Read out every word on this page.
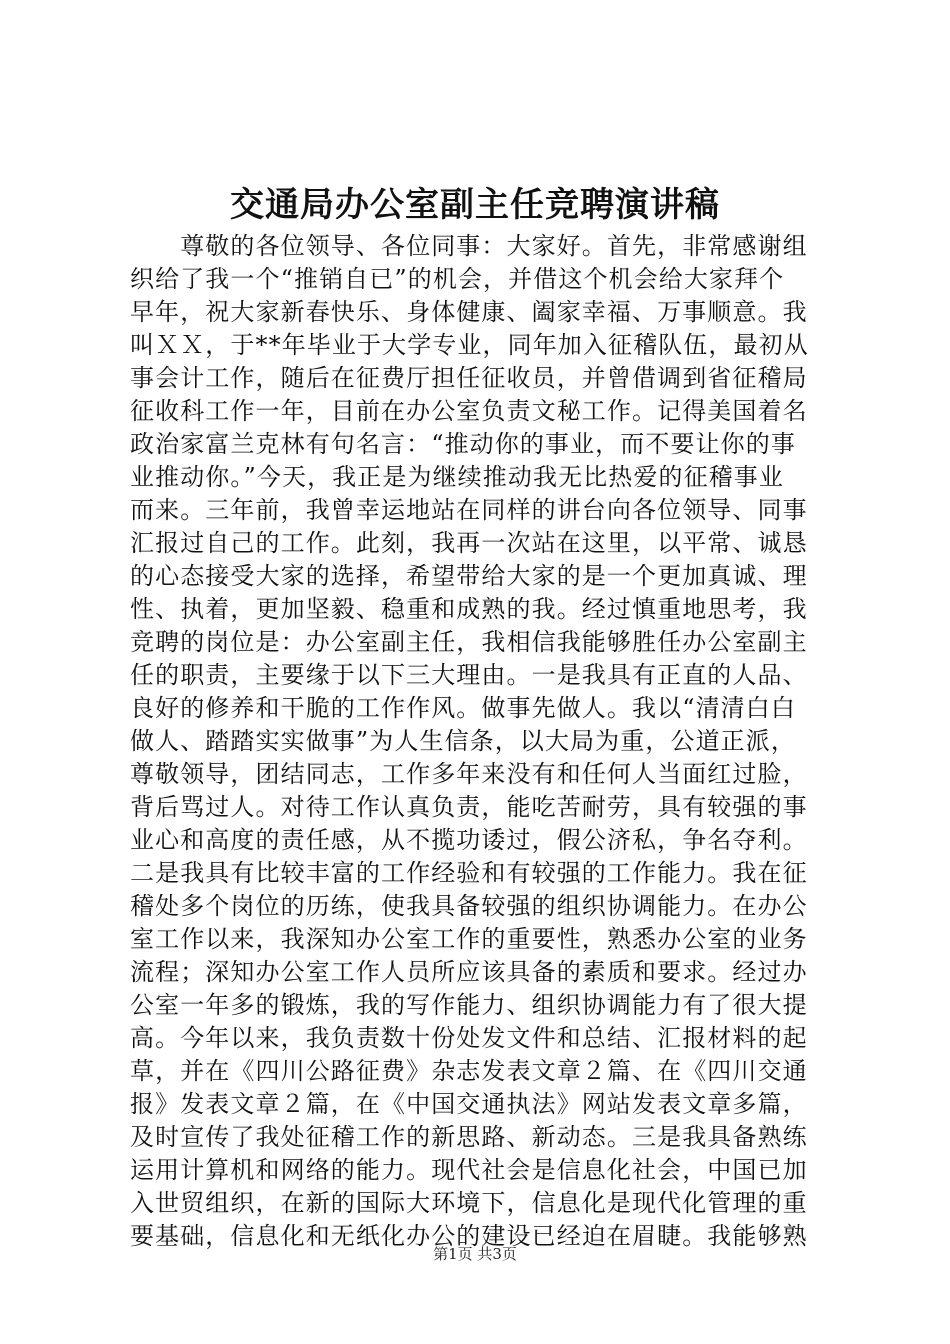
交通局办公室副主任竞聘演讲稿
　　尊敬的各位领导、各位同事：大家好。首先，非常感谢组
织给了我一个“推销自已”的机会，并借这个机会给大家拜个
早年，祝大家新春快乐、身体健康、阖家幸福、万事顺意。我
叫ＸＸ，于**年毕业于大学专业，同年加入征稽队伍，最初从
事会计工作，随后在征费厅担任征收员，并曾借调到省征稽局
征收科工作一年，目前在办公室负责文秘工作。记得美国着名
政治家富兰克林有句名言：“推动你的事业，而不要让你的事
业推动你。”今天，我正是为继续推动我无比热爱的征稽事业
而来。三年前，我曾幸运地站在同样的讲台向各位领导、同事
汇报过自己的工作。此刻，我再一次站在这里，以平常、诚恳
的心态接受大家的选择，希望带给大家的是一个更加真诚、理
性、执着，更加坚毅、稳重和成熟的我。经过慎重地思考，我
竞聘的岗位是：办公室副主任，我相信我能够胜任办公室副主
任的职责，主要缘于以下三大理由。一是我具有正直的人品、
良好的修养和干脆的工作作风。做事先做人。我以“清清白白
做人、踏踏实实做事”为人生信条，以大局为重，公道正派，
尊敬领导，团结同志，工作多年来没有和任何人当面红过脸，
背后骂过人。对待工作认真负责，能吃苦耐劳，具有较强的事
业心和高度的责任感，从不揽功诿过，假公济私，争名夺利。
二是我具有比较丰富的工作经验和有较强的工作能力。我在征
稽处多个岗位的历练，使我具备较强的组织协调能力。在办公
室工作以来，我深知办公室工作的重要性，熟悉办公室的业务
流程；深知办公室工作人员所应该具备的素质和要求。经过办
公室一年多的锻炼，我的写作能力、组织协调能力有了很大提
高。今年以来，我负责数十份处发文件和总结、汇报材料的起
草，并在《四川公路征费》杂志发表文章２篇、在《四川交通
报》发表文章２篇，在《中国交通执法》网站发表文章多篇，
及时宣传了我处征稽工作的新思路、新动态。三是我具备熟练
运用计算机和网络的能力。现代社会是信息化社会，中国已加
入世贸组织，在新的国际大环境下，信息化是现代化管理的重
要基础，信息化和无纸化办公的建设已经迫在眉睫。我能够熟
第1页 共3页
